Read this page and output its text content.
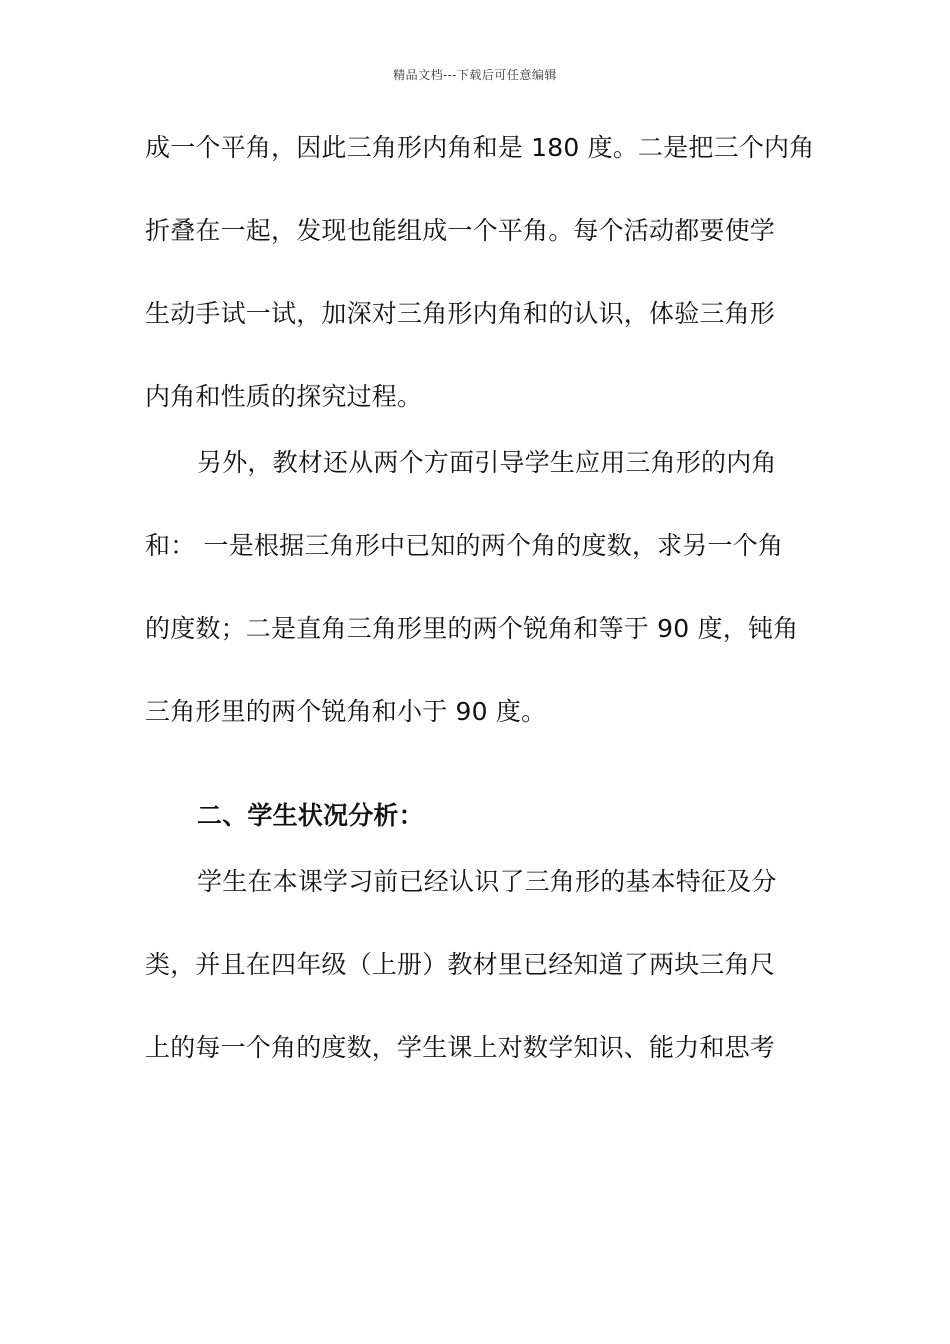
精品文档---下载后可任意编辑
成一个平角，因此三角形内角和是 180 度。二是把三个内角
折叠在一起，发现也能组成一个平角。每个活动都要使学
生动手试一试，加深对三角形内角和的认识，体验三角形
内角和性质的探究过程。
另外，教材还从两个方面引导学生应用三角形的内角
和： 一是根据三角形中已知的两个角的度数，求另一个角
的度数；二是直角三角形里的两个锐角和等于 90 度，钝角
三角形里的两个锐角和小于 90 度。
二、学生状况分析：
学生在本课学习前已经认识了三角形的基本特征及分
类，并且在四年级（上册）教材里已经知道了两块三角尺
上的每一个角的度数，学生课上对数学知识、能力和思考
